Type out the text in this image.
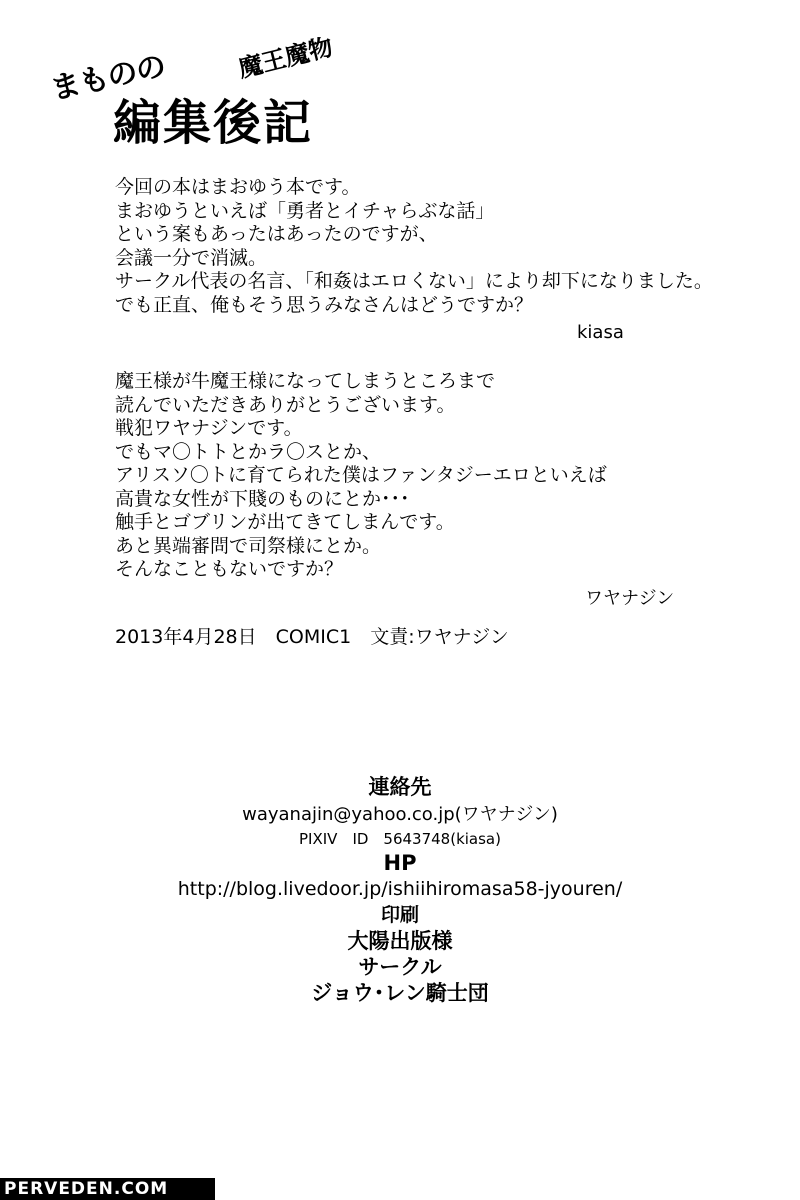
まものの	魔王魔物
編集後記
今回の本はまおゆう本です。
まおゆうといえば「勇者とイチャらぶな話」
という案もあったはあったのですが、
会議一分で消滅。
サークル代表の名言、「和姦はエロくない」により却下になりました。
でも正直、俺もそう思うみなさんはどうですか？
kiasa
魔王様が牛魔王様になってしまうところまで
読んでいただきありがとうございます。
戦犯ワヤナジンです。
でもマ〇トトとかラ〇スとか、
アリスソ〇トに育てられた僕はファンタジーエロといえば
高貴な女性が下賤のものにとか･･･
触手とゴブリンが出てきてしまんです。
あと異端審問で司祭様にとか。
そんなこともないですか？
ワヤナジン
2013年4月28日　COMIC1　文責:ワヤナジン
連絡先
wayanajin@yahoo.co.jp(ワヤナジン)
PIXIV　ID　5643748(kiasa)
HP
http://blog.livedoor.jp/ishiihiromasa58-jyouren/
印刷
大陽出版様
サークル
ジョウ･レン騎士団
PERVEDEN.COM
